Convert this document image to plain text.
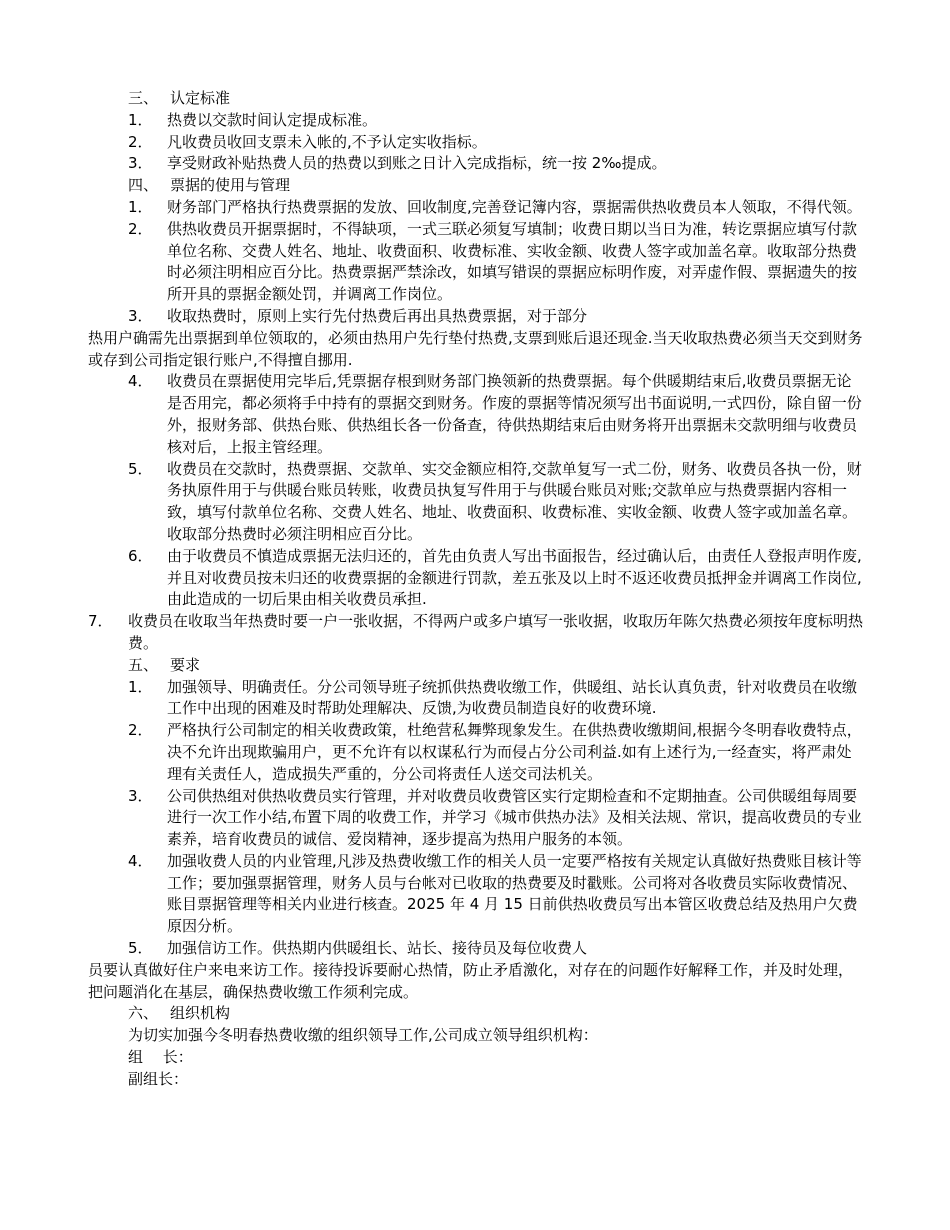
三、 认定标准
1． 热费以交款时间认定提成标准。
2． 凡收费员收回支票未入帐的,不予认定实收指标。
3． 享受财政补贴热费人员的热费以到账之日计入完成指标，统一按 2‰提成。
四、 票据的使用与管理
1． 财务部门严格执行热费票据的发放、回收制度,完善登记簿内容，票据需供热收费员本人领取，不得代领。
2． 供热收费员开据票据时，不得缺项，一式三联必须复写填制；收费日期以当日为准，转讫票据应填写付款单位名称、交费人姓名、地址、收费面积、收费标准、实收金额、收费人签字或加盖名章。收取部分热费时必须注明相应百分比。热费票据严禁涂改，如填写错误的票据应标明作废，对弄虚作假、票据遗失的按所开具的票据金额处罚，并调离工作岗位。
3． 收取热费时，原则上实行先付热费后再出具热费票据，对于部分
热用户确需先出票据到单位领取的，必须由热用户先行垫付热费,支票到账后退还现金.当天收取热费必须当天交到财务或存到公司指定银行账户,不得擅自挪用.
4． 收费员在票据使用完毕后,凭票据存根到财务部门换领新的热费票据。每个供暖期结束后,收费员票据无论是否用完，都必须将手中持有的票据交到财务。作废的票据等情况须写出书面说明,一式四份，除自留一份外，报财务部、供热台账、供热组长各一份备查，待供热期结束后由财务将开出票据未交款明细与收费员核对后，上报主管经理。
5． 收费员在交款时，热费票据、交款单、实交金额应相符,交款单复写一式二份，财务、收费员各执一份，财务执原件用于与供暖台账员转账，收费员执复写件用于与供暖台账员对账;交款单应与热费票据内容相一致，填写付款单位名称、交费人姓名、地址、收费面积、收费标准、实收金额、收费人签字或加盖名章。收取部分热费时必须注明相应百分比。
6． 由于收费员不慎造成票据无法归还的，首先由负责人写出书面报告，经过确认后，由责任人登报声明作废,并且对收费员按未归还的收费票据的金额进行罚款，差五张及以上时不返还收费员抵押金并调离工作岗位,由此造成的一切后果由相关收费员承担.
7． 收费员在收取当年热费时要一户一张收据，不得两户或多户填写一张收据，收取历年陈欠热费必须按年度标明热费。
五、 要求
1． 加强领导、明确责任。分公司领导班子统抓供热费收缴工作，供暖组、站长认真负责，针对收费员在收缴工作中出现的困难及时帮助处理解决、反馈,为收费员制造良好的收费环境.
2． 严格执行公司制定的相关收费政策，杜绝营私舞弊现象发生。在供热费收缴期间,根据今冬明春收费特点，决不允许出现欺骗用户，更不允许有以权谋私行为而侵占分公司利益.如有上述行为,一经查实，将严肃处理有关责任人，造成损失严重的，分公司将责任人送交司法机关。
3． 公司供热组对供热收费员实行管理，并对收费员收费管区实行定期检查和不定期抽查。公司供暖组每周要进行一次工作小结,布置下周的收费工作，并学习《城市供热办法》及相关法规、常识，提高收费员的专业素养，培育收费员的诚信、爱岗精神，逐步提高为热用户服务的本领。
4． 加强收费人员的内业管理,凡涉及热费收缴工作的相关人员一定要严格按有关规定认真做好热费账目核计等工作；要加强票据管理，财务人员与台帐对已收取的热费要及时戳账。公司将对各收费员实际收费情况、账目票据管理等相关内业进行核查。2025 年 4 月 15 日前供热收费员写出本管区收费总结及热用户欠费原因分析。
5． 加强信访工作。供热期内供暖组长、站长、接待员及每位收费人
员要认真做好住户来电来访工作。接待投诉要耐心热情，防止矛盾激化，对存在的问题作好解释工作，并及时处理，把问题消化在基层，确保热费收缴工作须利完成。
六、 组织机构
为切实加强今冬明春热费收缴的组织领导工作,公司成立领导组织机构：
组　 长：
副组长：
